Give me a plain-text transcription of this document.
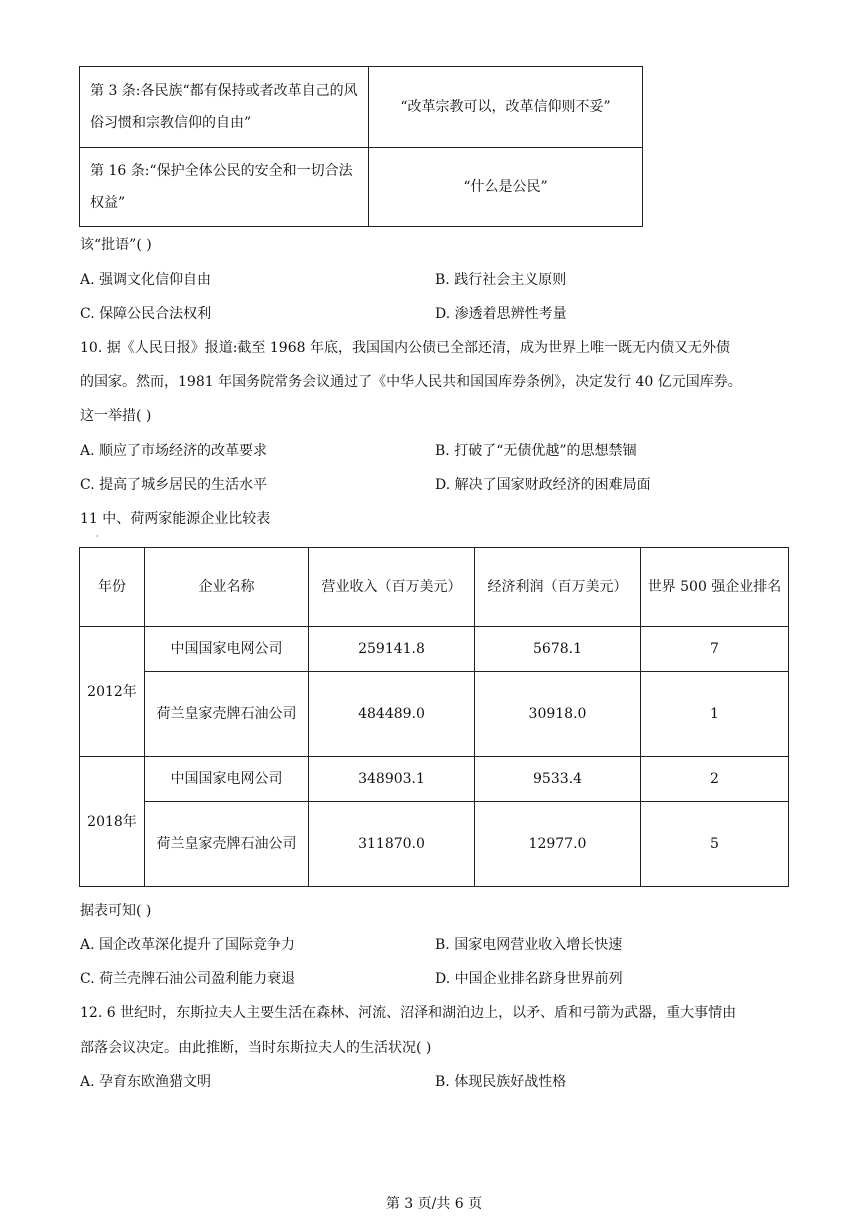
第 3 条:各民族“都有保持或者改革自己的风俗习惯和宗教信仰的自由”	“改革宗教可以，改革信仰则不妥”
第 16 条:“保护全体公民的安全和一切合法权益”	“什么是公民”
该“批语”( )
A. 强调文化信仰自由	B. 践行社会主义原则
C. 保障公民合法权利	D. 渗透着思辨性考量
10. 据《人民日报》报道:截至 1968 年底，我国国内公债已全部还清，成为世界上唯一既无内债又无外债
的国家。然而，1981 年国务院常务会议通过了《中华人民共和国国库券条例》，决定发行 40 亿元国库券。
这一举措( )
A. 顺应了市场经济的改革要求	B. 打破了“无债优越”的思想禁锢
C. 提高了城乡居民的生活水平	D. 解决了国家财政经济的困难局面
11 中、荷两家能源企业比较表
·
年份	企业名称	营业收入（百万美元）	经济利润（百万美元）	世界 500 强企业排名
2012年	中国国家电网公司	259141.8	5678.1	7
	荷兰皇家壳牌石油公司	484489.0	30918.0	1
2018年	中国国家电网公司	348903.1	9533.4	2
	荷兰皇家壳牌石油公司	311870.0	12977.0	5
据表可知( )
A. 国企改革深化提升了国际竞争力	B. 国家电网营业收入增长快速
C. 荷兰壳牌石油公司盈利能力衰退	D. 中国企业排名跻身世界前列
12. 6 世纪时，东斯拉夫人主要生活在森林、河流、沼泽和湖泊边上，以矛、盾和弓箭为武器，重大事情由
部落会议决定。由此推断，当时东斯拉夫人的生活状况( )
A. 孕育东欧渔猎文明	B. 体现民族好战性格
第 3 页/共 6 页
